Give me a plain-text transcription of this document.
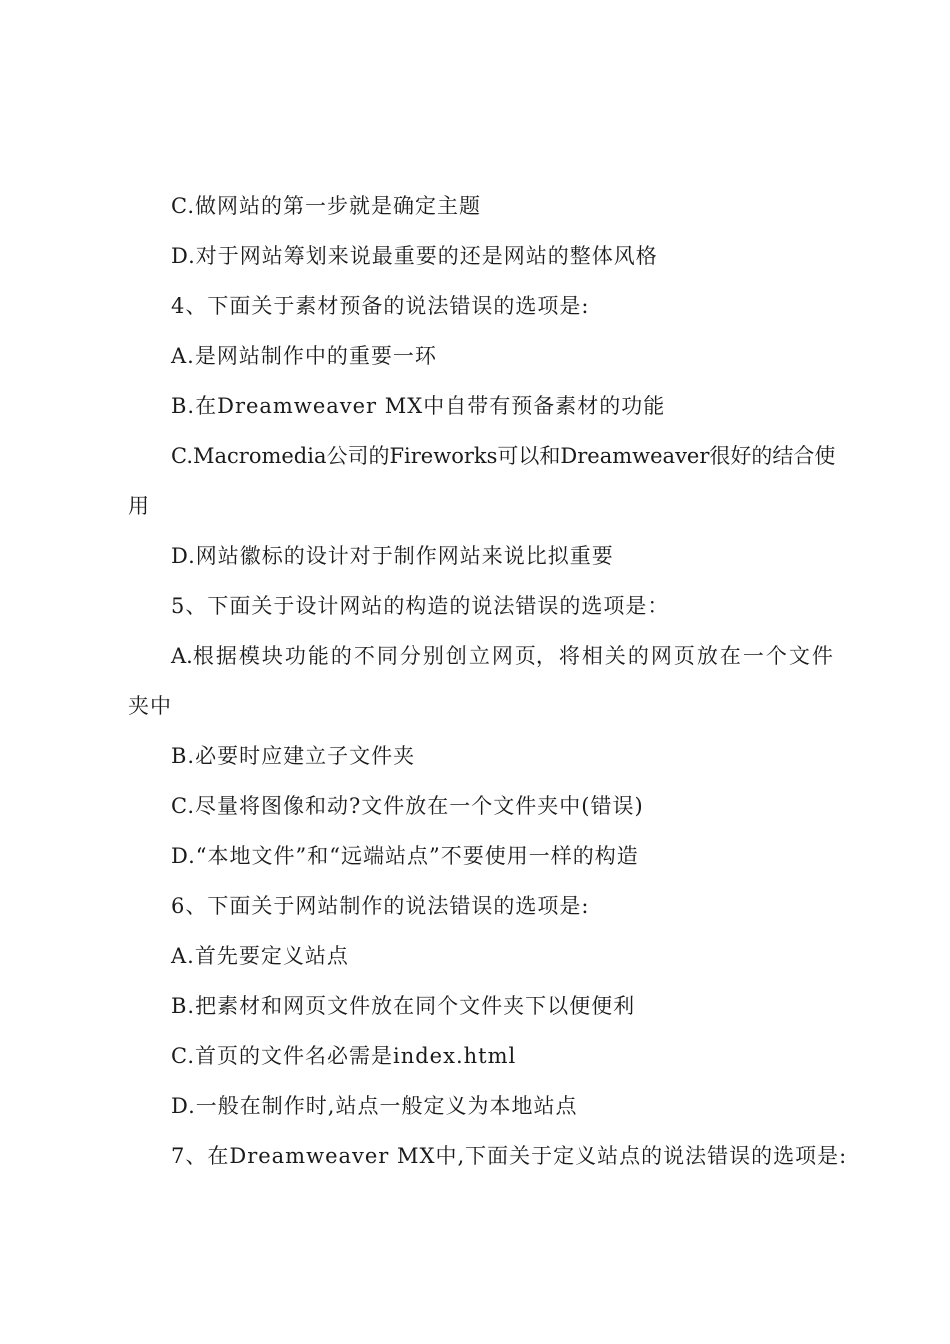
C.做网站的第一步就是确定主题
D.对于网站筹划来说最重要的还是网站的整体风格
4、下面关于素材预备的说法错误的选项是:
A.是网站制作中的重要一环
B.在Dreamweaver MX中自带有预备素材的功能
C.Macromedia 公 司 的 Fireworks 可 以 和 Dreamweaver 很 好 的 结 合 使
用
D.网站徽标的设计对于制作网站来说比拟重要
5、下面关于设计网站的构造的说法错误的选项是：
A.根 据 模 块 功 能 的 不 同 分 别 创 立 网 页， 将 相 关 的 网 页 放 在 一 个 文 件
夹中
B.必要时应建立子文件夹
C.尽量将图像和动?文件放在一个文件夹中(错误)
D.“本地文件”和“远端站点”不要使用一样的构造
6、下面关于网站制作的说法错误的选项是:
A.首先要定义站点
B.把素材和网页文件放在同个文件夹下以便便利
C.首页的文件名必需是index.html
D.一般在制作时,站点一般定义为本地站点
7、在Dreamweaver MX中,下面关于定义站点的说法错误的选项是:
